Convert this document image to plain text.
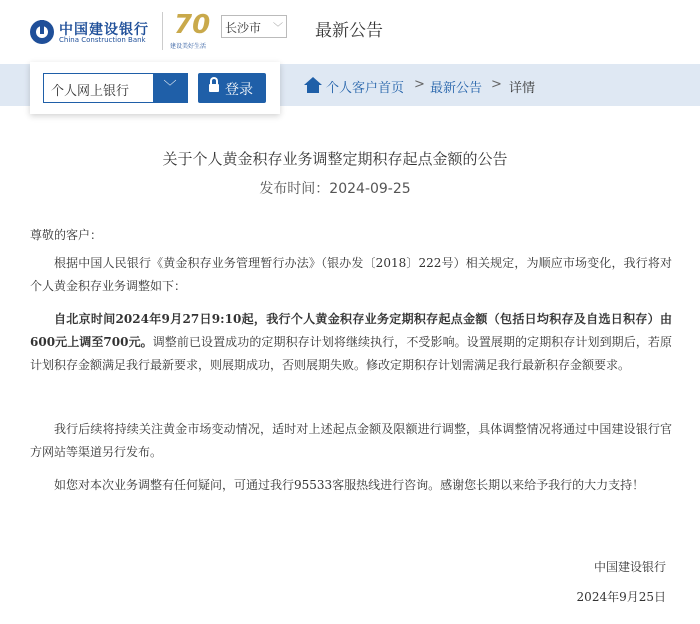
中国建设银行
China Construction Bank 70
建设美好生活
长沙市 ﹀ 最新公告
个人网上银行	﹀	登录	个人客户首页 > 最新公告 > 详情
关于个人黄金积存业务调整定期积存起点金额的公告
发布时间：2024-09-25

尊敬的客户：

根据中国人民银行《黄金积存业务管理暂行办法》（银办发〔2018〕222号）相关规定，为顺应市场变化，我行将对个人黄金积存业务调整如下：

自北京时间2024年9月27日9:10起，我行个人黄金积存业务定期积存起点金额（包括日均积存及自选日积存）由600元上调至700元。调整前已设置成功的定期积存计划将继续执行，不受影响。设置展期的定期积存计划到期后，若原计划积存金额满足我行最新要求，则展期成功，否则展期失败。修改定期积存计划需满足我行最新积存金额要求。

我行后续将持续关注黄金市场变动情况，适时对上述起点金额及限额进行调整，具体调整情况将通过中国建设银行官方网站等渠道另行发布。

如您对本次业务调整有任何疑问，可通过我行95533客服热线进行咨询。感谢您长期以来给予我行的大力支持！

中国建设银行
2024年9月25日
